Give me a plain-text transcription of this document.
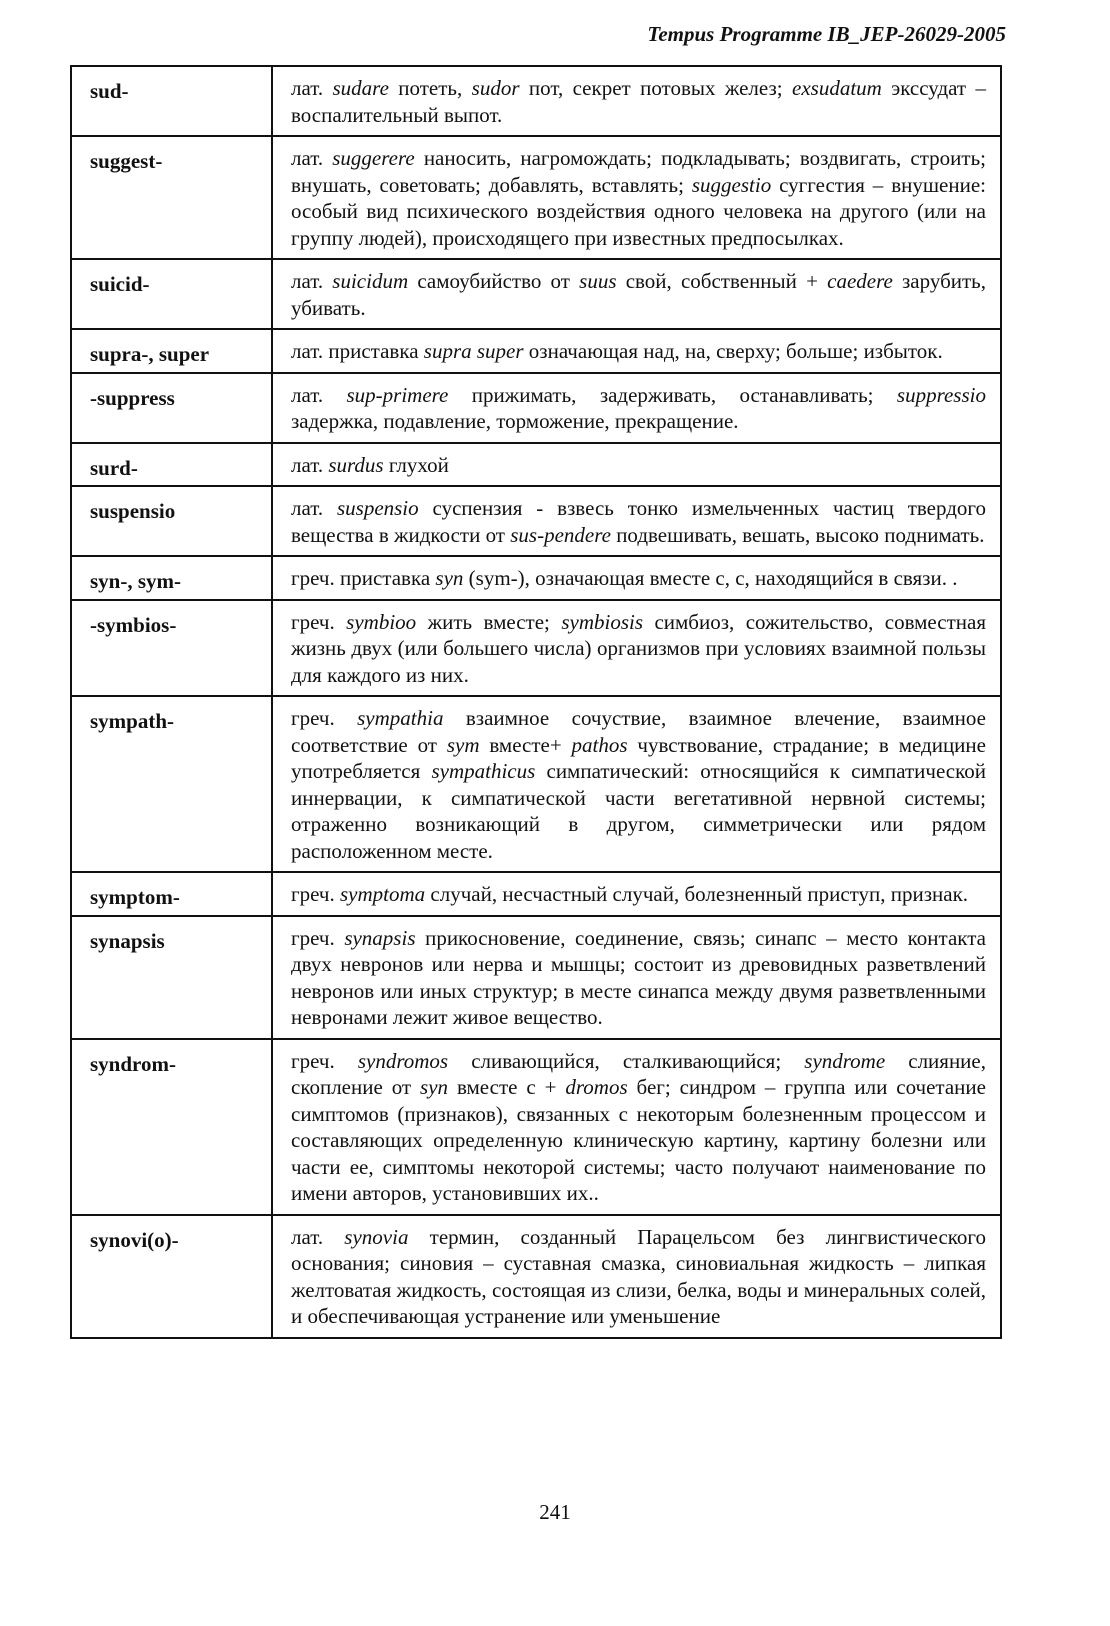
Tempus Programme IB_JEP-26029-2005
sud-	лат. sudare потеть, sudor пот, секрет потовых желез; exsudatum экссудат – воспалительный выпот.
suggest-	лат. suggerere наносить, нагромождать; подкладывать; воздвигать, строить; внушать, советовать; добавлять, вставлять; suggestio суггестия – внушение: особый вид психического воздействия одного человека на другого (или на группу людей), происходящего при известных предпосылках.
suicid-	лат. suicidum самоубийство от suus свой, собственный + caedere зарубить, убивать.
supra-, super	лат. приставка supra super означающая над, на, сверху; больше; избыток.
-suppress	лат. sup-primere прижимать, задерживать, останавливать; suppressio задержка, подавление, торможение, прекращение.
surd-	лат. surdus глухой
suspensio	лат. suspensio суспензия - взвесь тонко измельченных частиц твердого вещества в жидкости от sus-pendere подвешивать, вешать, высоко поднимать.
syn-, sym-	греч. приставка syn (sym-), означающая вместе с, с, находящийся в связи. .
-symbios-	греч. symbioo жить вместе; symbiosis симбиоз, сожительство, совместная жизнь двух (или большего числа) организмов при условиях взаимной пользы для каждого из них.
sympath-	греч. sympathia взаимное сочуствие, взаимное влечение, взаимное соответствие от sym вместе+ pathos чувствование, страдание; в медицине употребляется sympathicus симпатический: относящийся к симпатической иннервации, к симпатической части вегетативной нервной системы; отраженно возникающий в другом, симметрически или рядом расположенном месте.
symptom-	греч. symptoma случай, несчастный случай, болезненный приступ, признак.
synapsis	греч. synapsis прикосновение, соединение, связь; синапс – место контакта двух невронов или нерва и мышцы; состоит из древовидных разветвлений невронов или иных структур; в месте синапса между двумя разветвленными невронами лежит живое вещество.
syndrom-	греч. syndromos сливающийся, сталкивающийся; syndrome слияние, скопление от syn вместе с + dromos бег; синдром – группа или сочетание симптомов (признаков), связанных с некоторым болезненным процессом и составляющих определенную клиническую картину, картину болезни или части ее, симптомы некоторой системы; часто получают наименование по имени авторов, установивших их..
synovi(o)-	лат. synovia термин, созданный Парацельсом без лингвистического основания; синовия – суставная смазка, синовиальная жидкость – липкая желтоватая жидкость, состоящая из слизи, белка, воды и минеральных солей, и обеспечивающая устранение или уменьшение
241
